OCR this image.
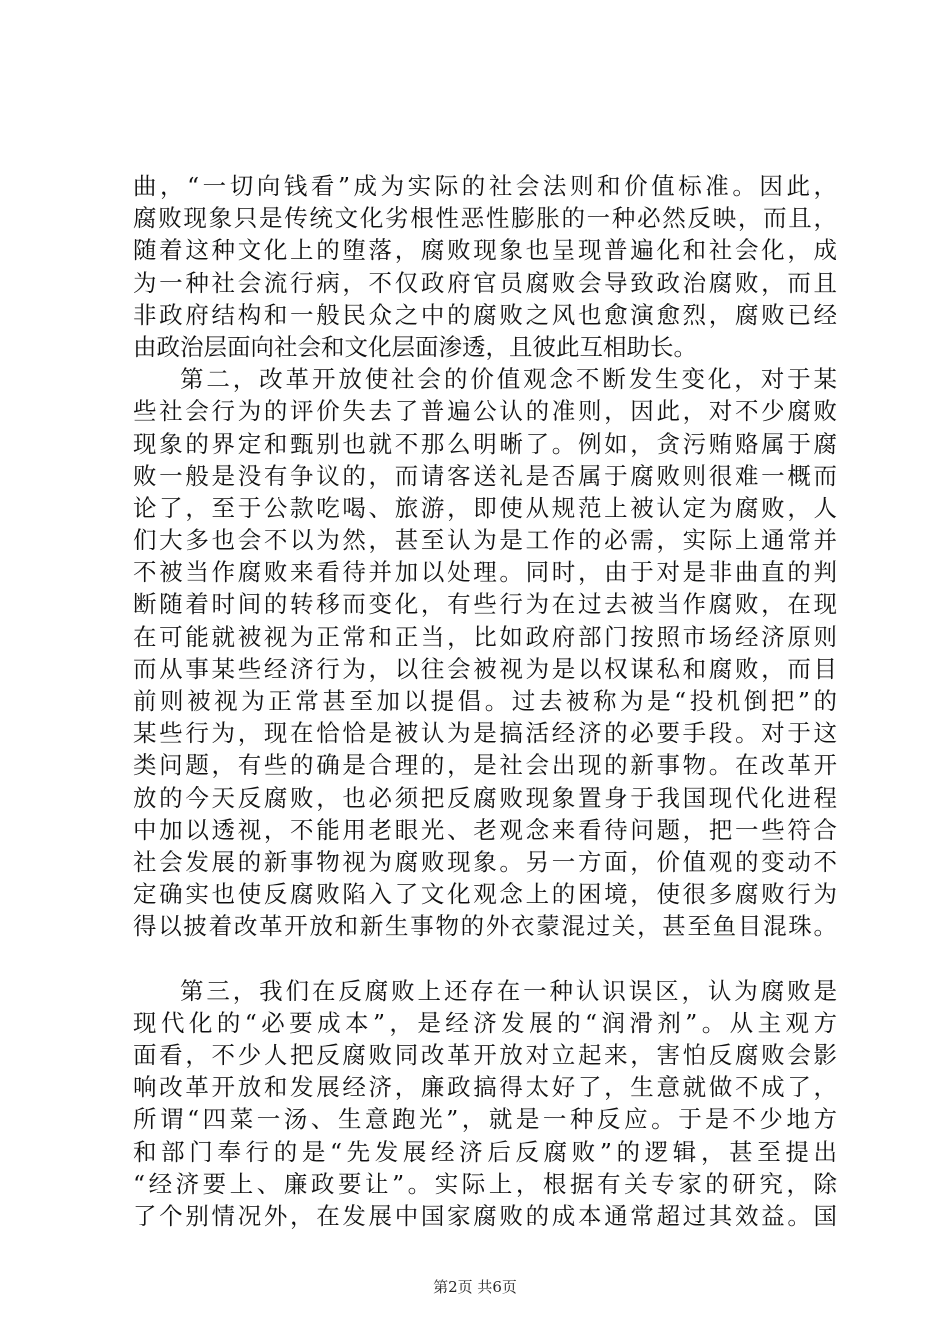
曲，“一切向钱看”成为实际的社会法则和价值标准。因此，
腐败现象只是传统文化劣根性恶性膨胀的一种必然反映，而且，
随着这种文化上的堕落，腐败现象也呈现普遍化和社会化，成
为一种社会流行病，不仅政府官员腐败会导致政治腐败，而且
非政府结构和一般民众之中的腐败之风也愈演愈烈，腐败已经
由政治层面向社会和文化层面渗透，且彼此互相助长。
第二，改革开放使社会的价值观念不断发生变化，对于某
些社会行为的评价失去了普遍公认的准则，因此，对不少腐败
现象的界定和甄别也就不那么明晰了。例如，贪污贿赂属于腐
败一般是没有争议的，而请客送礼是否属于腐败则很难一概而
论了，至于公款吃喝、旅游，即使从规范上被认定为腐败，人
们大多也会不以为然，甚至认为是工作的必需，实际上通常并
不被当作腐败来看待并加以处理。同时，由于对是非曲直的判
断随着时间的转移而变化，有些行为在过去被当作腐败，在现
在可能就被视为正常和正当，比如政府部门按照市场经济原则
而从事某些经济行为，以往会被视为是以权谋私和腐败，而目
前则被视为正常甚至加以提倡。过去被称为是“投机倒把”的
某些行为，现在恰恰是被认为是搞活经济的必要手段。对于这
类问题，有些的确是合理的，是社会出现的新事物。在改革开
放的今天反腐败，也必须把反腐败现象置身于我国现代化进程
中加以透视，不能用老眼光、老观念来看待问题，把一些符合
社会发展的新事物视为腐败现象。另一方面，价值观的变动不
定确实也使反腐败陷入了文化观念上的困境，使很多腐败行为
得以披着改革开放和新生事物的外衣蒙混过关，甚至鱼目混珠。
第三，我们在反腐败上还存在一种认识误区，认为腐败是
现代化的“必要成本”，是经济发展的“润滑剂”。从主观方
面看，不少人把反腐败同改革开放对立起来，害怕反腐败会影
响改革开放和发展经济，廉政搞得太好了，生意就做不成了，
所谓“四菜一汤、生意跑光”，就是一种反应。于是不少地方
和部门奉行的是“先发展经济后反腐败”的逻辑，甚至提出
“经济要上、廉政要让”。实际上，根据有关专家的研究，除
了个别情况外，在发展中国家腐败的成本通常超过其效益。国
第2页 共6页
